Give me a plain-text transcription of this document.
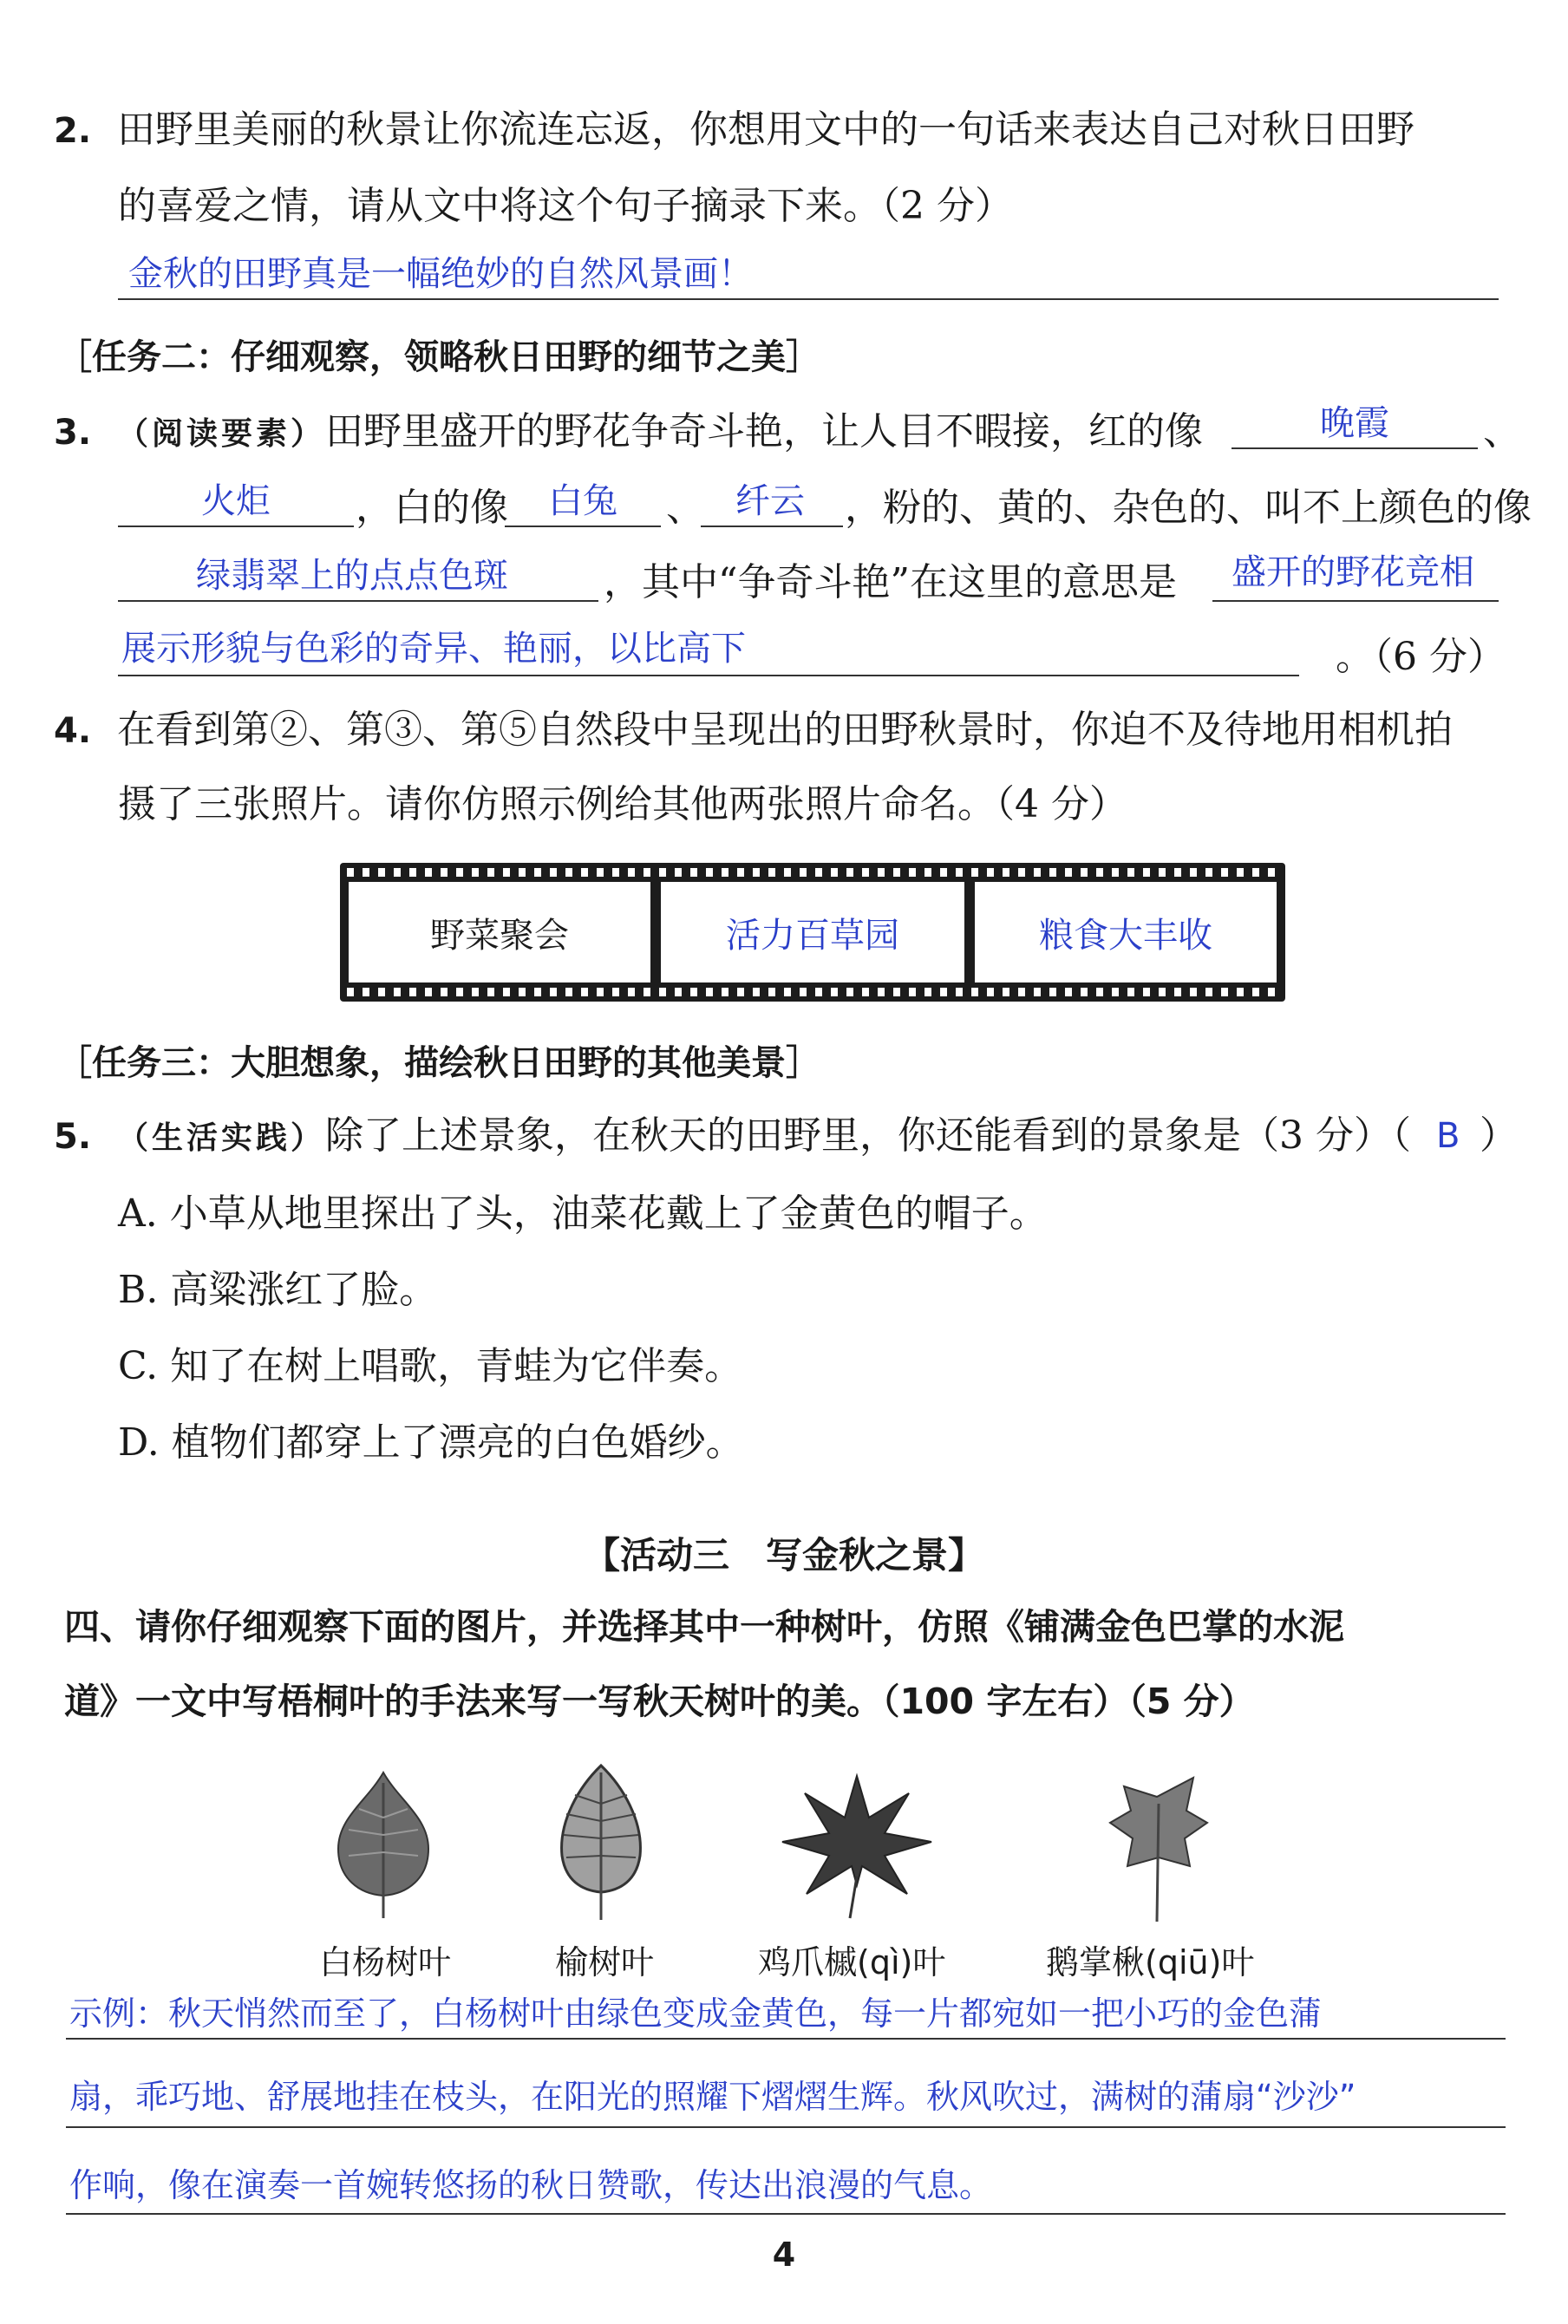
2. 田野里美丽的秋景让你流连忘返，你想用文中的一句话来表达自己对秋日田野
的喜爱之情，请从文中将这个句子摘录下来。（2 分）
金秋的田野真是一幅绝妙的自然风景画！
［任务二：仔细观察，领略秋日田野的细节之美］
3. （阅读要素）田野里盛开的野花争奇斗艳，让人目不暇接，红的像	晚霞 、
火炬 ，白的像 白兔 、 纤云 ，粉的、黄的、杂色的、叫不上颜色的像
绿翡翠上的点点色斑	，其中“争奇斗艳”在这里的意思是 盛开的野花竞相
展示形貌与色彩的奇异、艳丽，以比高下	。（6 分）
4. 在看到第②、第③、第⑤自然段中呈现出的田野秋景时，你迫不及待地用相机拍
摄了三张照片。请你仿照示例给其他两张照片命名。（4 分）
野菜聚会	活力百草园	粮食大丰收
［任务三：大胆想象，描绘秋日田野的其他美景］
5. （生活实践）除了上述景象，在秋天的田野里，你还能看到的景象是（3 分）（ B ）
A. 小草从地里探出了头，油菜花戴上了金黄色的帽子。
B. 高粱涨红了脸。
C. 知了在树上唱歌，青蛙为它伴奏。
D. 植物们都穿上了漂亮的白色婚纱。
【活动三　写金秋之景】
四、请你仔细观察下面的图片，并选择其中一种树叶，仿照《铺满金色巴掌的水泥
道》一文中写梧桐叶的手法来写一写秋天树叶的美。（100 字左右）（5 分）
白杨树叶	榆树叶	鸡爪槭(qì)叶	鹅掌楸(qiū)叶
示例：秋天悄然而至了，白杨树叶由绿色变成金黄色，每一片都宛如一把小巧的金色蒲
扇，乖巧地、舒展地挂在枝头，在阳光的照耀下熠熠生辉。秋风吹过，满树的蒲扇“沙沙”
作响，像在演奏一首婉转悠扬的秋日赞歌，传达出浪漫的气息。
4
